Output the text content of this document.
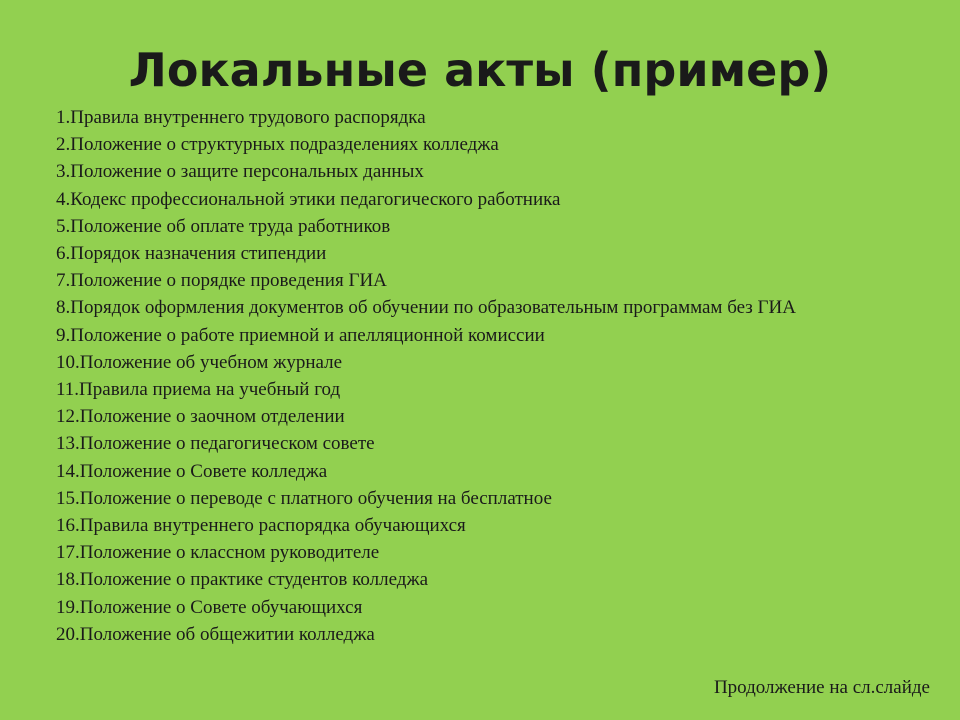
Локальные акты (пример)
1.Правила внутреннего трудового распорядка
2.Положение о структурных подразделениях колледжа
3.Положение о защите персональных данных
4.Кодекс профессиональной этики педагогического работника
5.Положение об оплате труда работников
6.Порядок назначения стипендии
7.Положение о порядке проведения ГИА
8.Порядок оформления документов об обучении по образовательным программам без ГИА
9.Положение о работе приемной и апелляционной комиссии
10.Положение об учебном журнале
11.Правила приема на учебный год
12.Положение о заочном отделении
13.Положение о педагогическом совете
14.Положение о Совете колледжа
15.Положение о переводе с платного обучения на бесплатное
16.Правила внутреннего распорядка обучающихся
17.Положение о классном руководителе
18.Положение о практике студентов колледжа
19.Положение о Совете обучающихся
20.Положение об общежитии колледжа
Продолжение на сл.слайде
